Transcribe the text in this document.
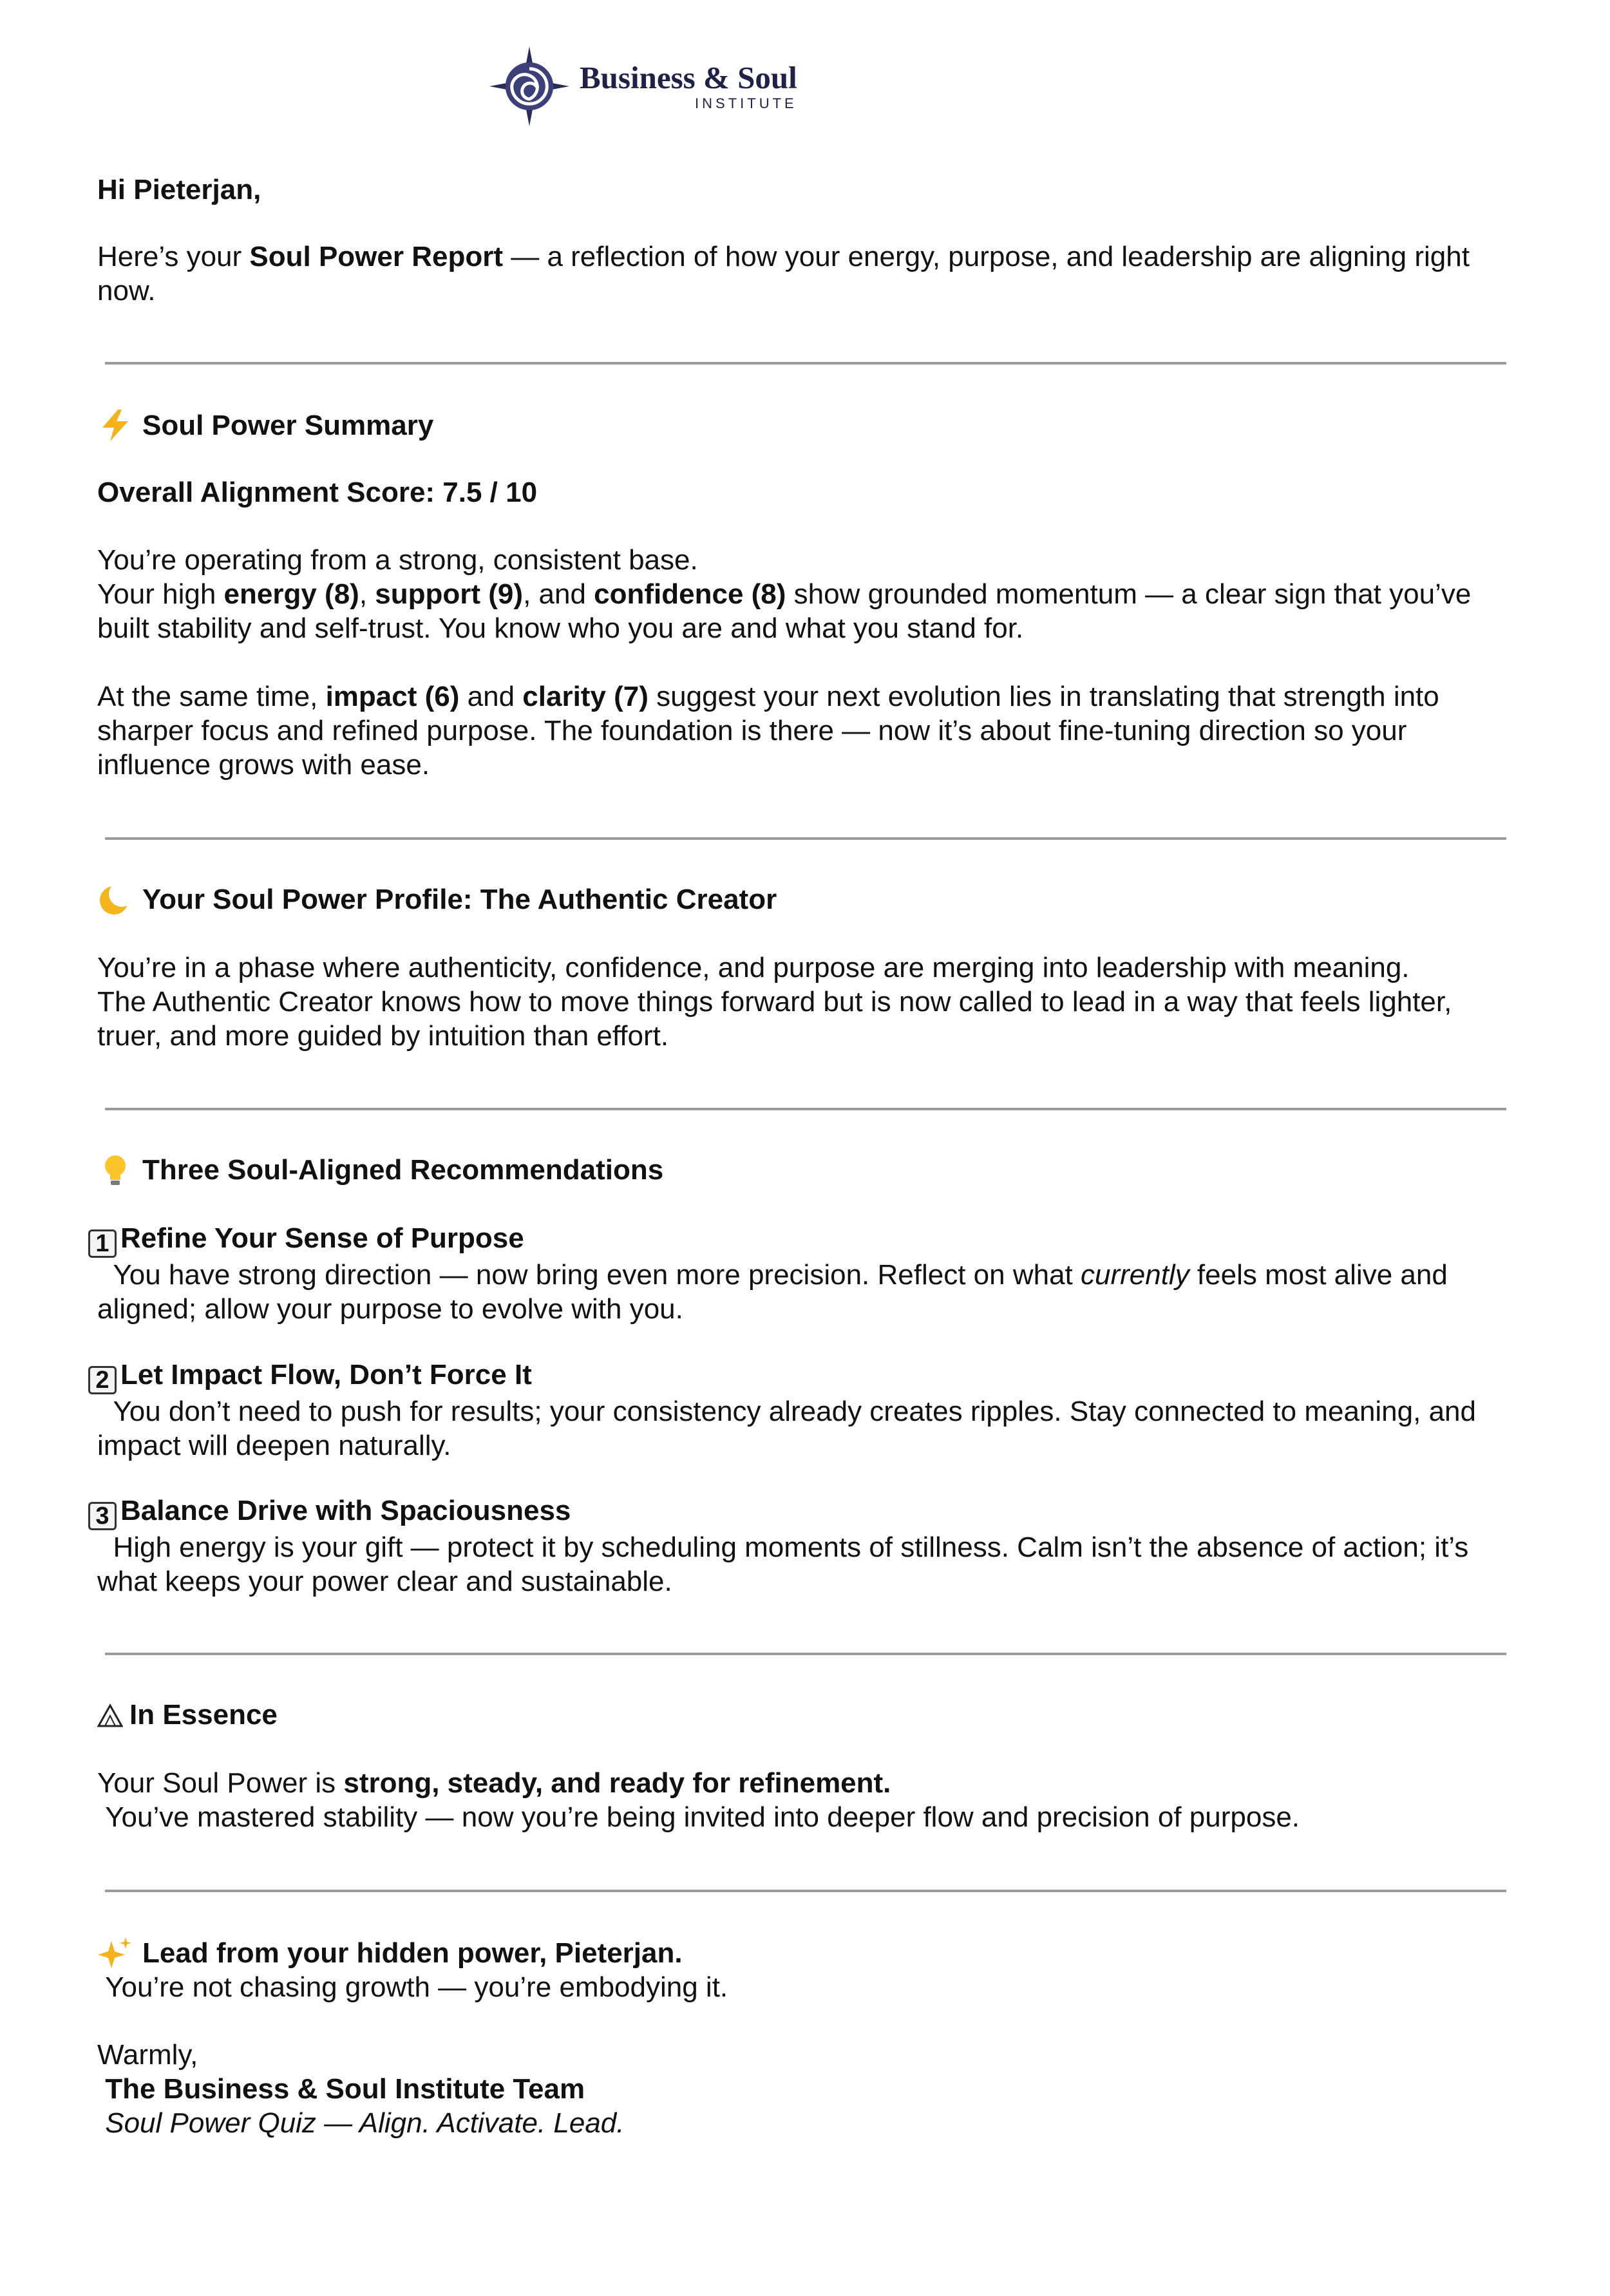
Business & Soul
INSTITUTE
Hi Pieterjan,
Here’s your Soul Power Report — a reflection of how your energy, purpose, and leadership are aligning right now.
Soul Power Summary
Overall Alignment Score: 7.5 / 10
You’re operating from a strong, consistent base.
Your high energy (8), support (9), and confidence (8) show grounded momentum — a clear sign that you’ve built stability and self-trust. You know who you are and what you stand for.
At the same time, impact (6) and clarity (7) suggest your next evolution lies in translating that strength into sharper focus and refined purpose. The foundation is there — now it’s about fine-tuning direction so your influence grows with ease.
Your Soul Power Profile: The Authentic Creator
You’re in a phase where authenticity, confidence, and purpose are merging into leadership with meaning.
The Authentic Creator knows how to move things forward but is now called to lead in a way that feels lighter, truer, and more guided by intuition than effort.
Three Soul-Aligned Recommendations
1 Refine Your Sense of Purpose
You have strong direction — now bring even more precision. Reflect on what currently feels most alive and aligned; allow your purpose to evolve with you.
2 Let Impact Flow, Don’t Force It
You don’t need to push for results; your consistency already creates ripples. Stay connected to meaning, and impact will deepen naturally.
3 Balance Drive with Spaciousness
High energy is your gift — protect it by scheduling moments of stillness. Calm isn’t the absence of action; it’s what keeps your power clear and sustainable.
In Essence
Your Soul Power is strong, steady, and ready for refinement.
You’ve mastered stability — now you’re being invited into deeper flow and precision of purpose.
Lead from your hidden power, Pieterjan.
You’re not chasing growth — you’re embodying it.
Warmly,
The Business & Soul Institute Team
Soul Power Quiz — Align. Activate. Lead.
